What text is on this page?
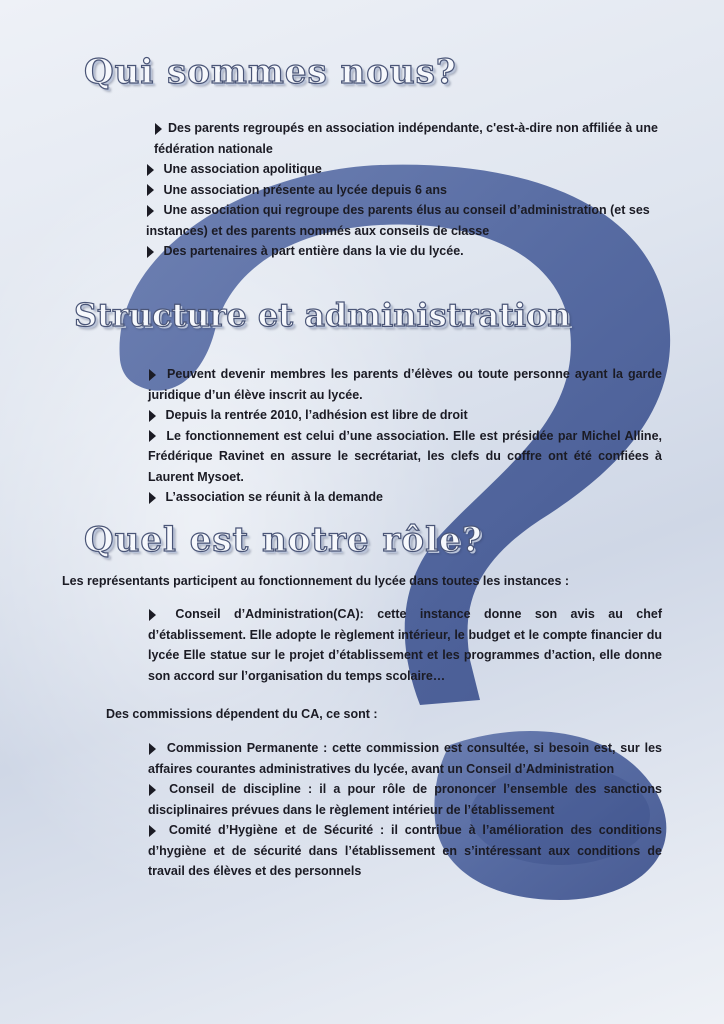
Qui sommes nous?
Des parents regroupés en association indépendante, c'est-à-dire non affiliée à une fédération nationale
Une association apolitique
Une association présente au lycée depuis 6 ans
Une association qui regroupe des parents élus au conseil d’administration (et ses instances) et des parents nommés aux conseils de classe
Des partenaires à part entière dans la vie du lycée.
Structure et administration
Peuvent devenir membres les parents d’élèves ou toute personne ayant la garde juridique d’un élève inscrit au lycée.
Depuis la rentrée 2010, l’adhésion est libre de droit
Le fonctionnement est celui d’une association. Elle est présidée par Michel Alline, Frédérique Ravinet en assure le secrétariat, les clefs du coffre ont été confiées à Laurent Mysoet.
L’association se réunit à la demande
Quel est notre rôle?

Les représentants participent au fonctionnement du lycée dans toutes les instances :

Conseil d’Administration(CA): cette instance donne son avis au chef d’établissement. Elle adopte le règlement intérieur, le budget et le compte financier du lycée Elle statue sur le projet d’établissement et les programmes d’action, elle donne son accord sur l’organisation du temps scolaire…

Des commissions dépendent du CA, ce sont :

Commission Permanente : cette commission est consultée, si besoin est, sur les affaires courantes administratives du lycée, avant un Conseil d’Administration
Conseil de discipline : il a pour rôle de prononcer l’ensemble des sanctions disciplinaires prévues dans le règlement intérieur de l’établissement
Comité d’Hygiène et de Sécurité : il contribue à l’amélioration des conditions d’hygiène et de sécurité dans l’établissement en s’intéressant aux conditions de travail des élèves et des personnels
